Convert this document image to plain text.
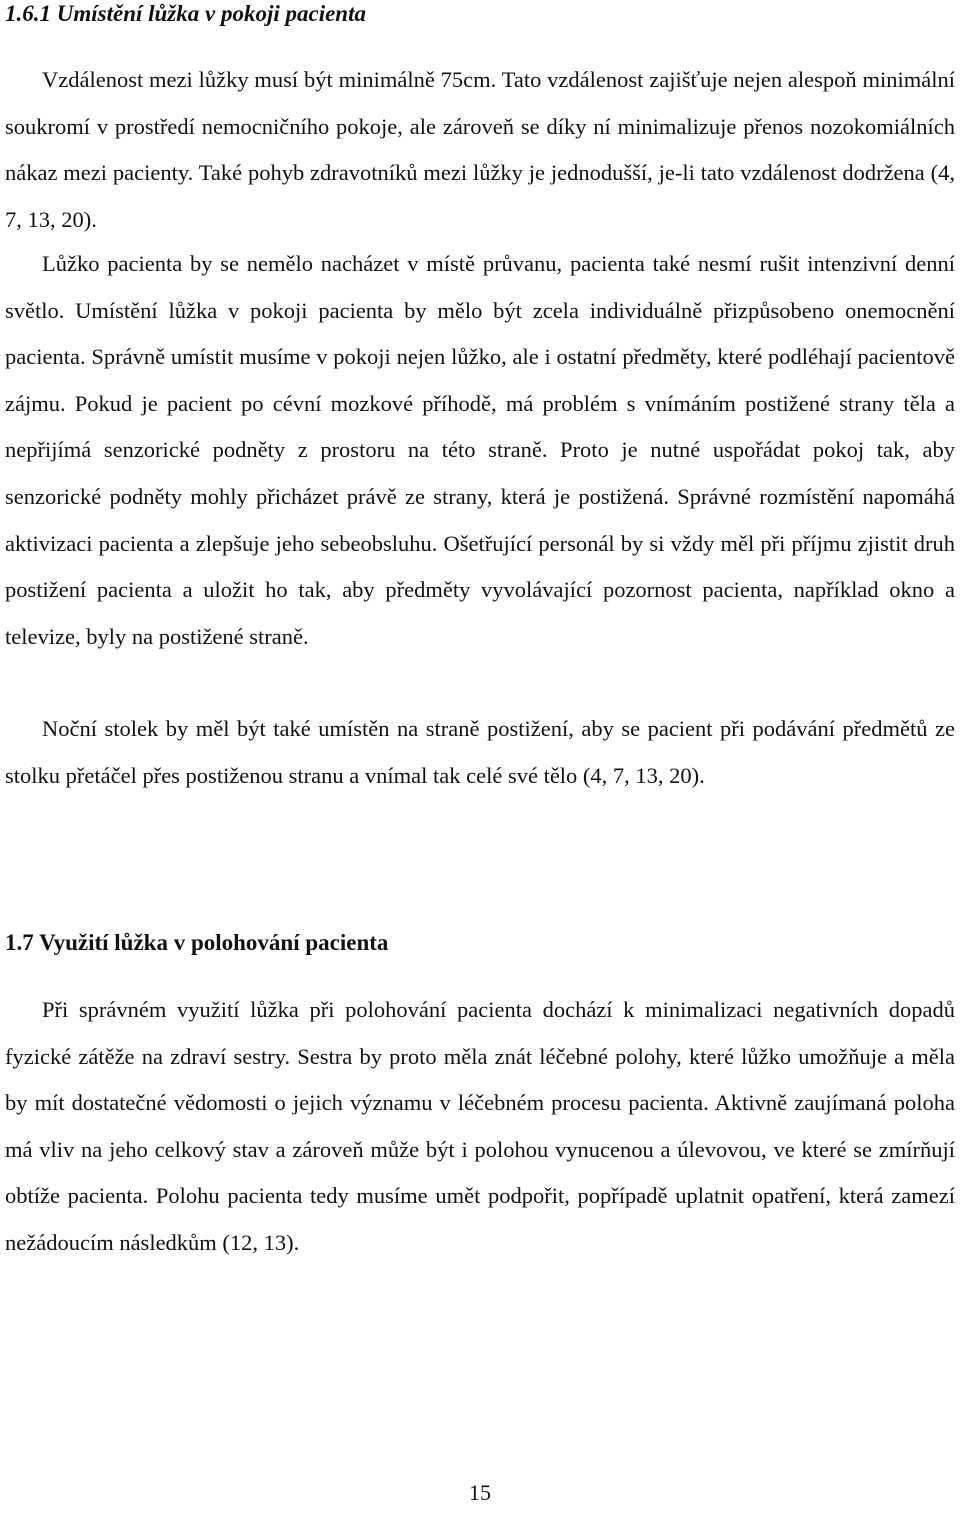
1.6.1 Umístění lůžka v pokoji pacienta

Vzdálenost mezi lůžky musí být minimálně 75cm. Tato vzdálenost zajišťuje nejen alespoň minimální soukromí v prostředí nemocničního pokoje, ale zároveň se díky ní minimalizuje přenos nozokomiálních nákaz mezi pacienty. Také pohyb zdravotníků mezi lůžky je jednodušší, je-li tato vzdálenost dodržena (4, 7, 13, 20).

Lůžko pacienta by se nemělo nacházet v místě průvanu, pacienta také nesmí rušit intenzivní denní světlo. Umístění lůžka v pokoji pacienta by mělo být zcela individuálně přizpůsobeno onemocnění pacienta. Správně umístit musíme v pokoji nejen lůžko, ale i ostatní předměty, které podléhají pacientově zájmu. Pokud je pacient po cévní mozkové příhodě, má problém s vnímáním postižené strany těla a nepřijímá senzorické podněty z prostoru na této straně. Proto je nutné uspořádat pokoj tak, aby senzorické podněty mohly přicházet právě ze strany, která je postižená. Správné rozmístění napomáhá aktivizaci pacienta a zlepšuje jeho sebeobsluhu. Ošetřující personál by si vždy měl při příjmu zjistit druh postižení pacienta a uložit ho tak, aby předměty vyvolávající pozornost pacienta, například okno a televize, byly na postižené straně.

Noční stolek by měl být také umístěn na straně postižení, aby se pacient při podávání předmětů ze stolku přetáčel přes postiženou stranu a vnímal tak celé své tělo (4, 7, 13, 20).

1.7 Využití lůžka v polohování pacienta

Při správném využití lůžka při polohování pacienta dochází k minimalizaci negativních dopadů fyzické zátěže na zdraví sestry. Sestra by proto měla znát léčebné polohy, které lůžko umožňuje a měla by mít dostatečné vědomosti o jejich významu v léčebném procesu pacienta. Aktivně zaujímaná poloha má vliv na jeho celkový stav a zároveň může být i polohou vynucenou a úlevovou, ve které se zmírňují obtíže pacienta. Polohu pacienta tedy musíme umět podpořit, popřípadě uplatnit opatření, která zamezí nežádoucím následkům (12, 13).

15
